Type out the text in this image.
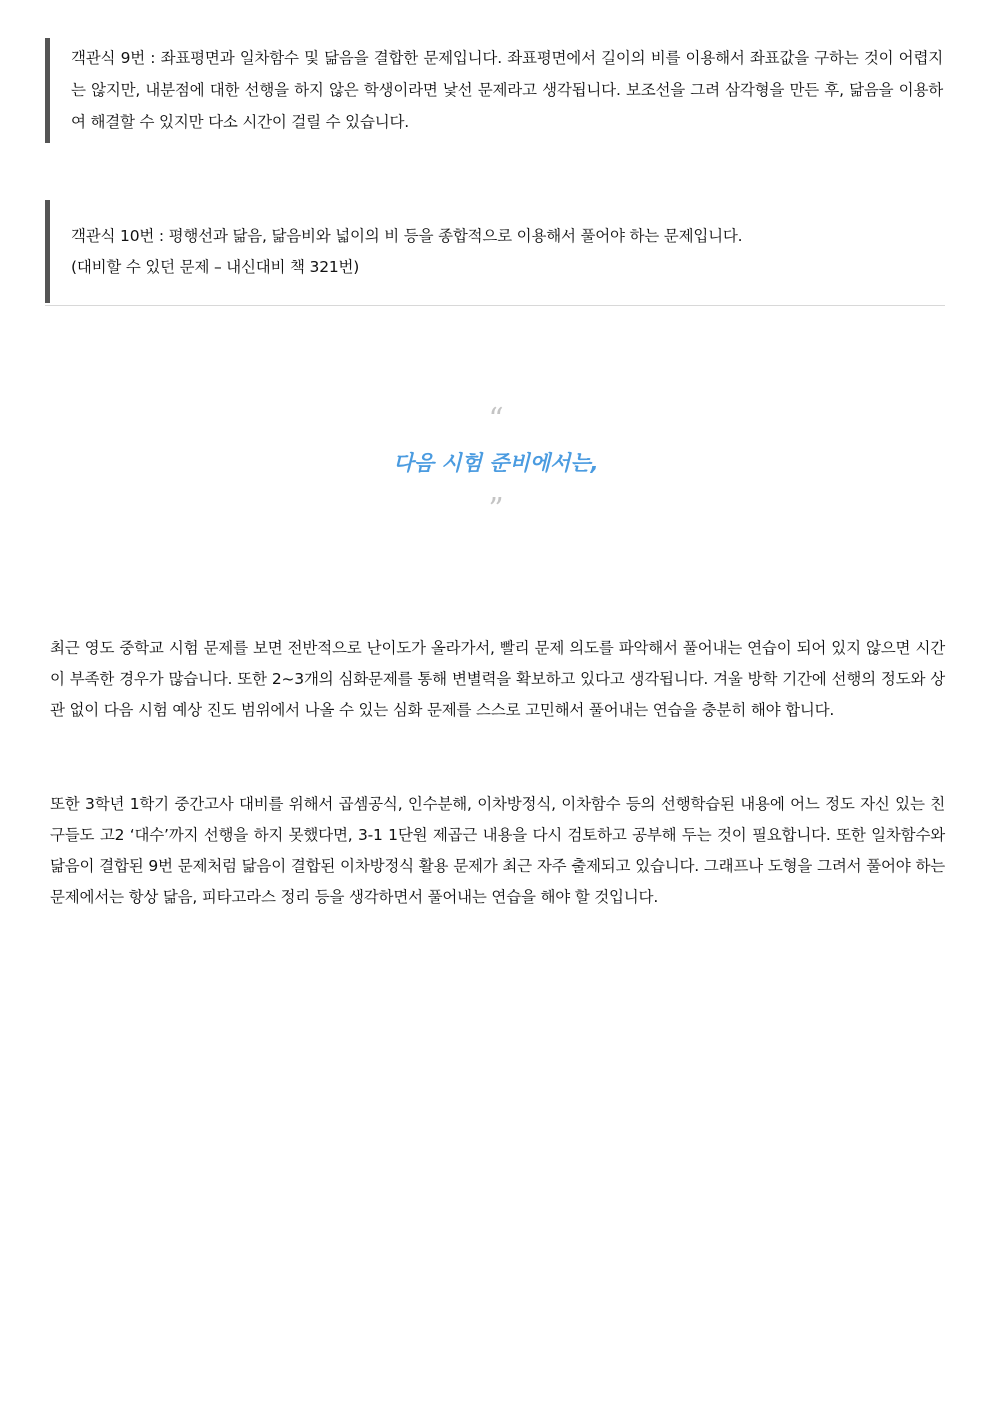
객관식 9번 : 좌표평면과 일차함수 및 닮음을 결합한 문제입니다. 좌표평면에서 길이의 비를 이용해서 좌표값을 구하는 것이 어렵지는 않지만, 내분점에 대한 선행을 하지 않은 학생이라면 낯선 문제라고 생각됩니다. 보조선을 그려 삼각형을 만든 후, 닮음을 이용하여 해결할 수 있지만 다소 시간이 걸릴 수 있습니다.
객관식 10번 : 평행선과 닮음, 닮음비와 넓이의 비 등을 종합적으로 이용해서 풀어야 하는 문제입니다.
(대비할 수 있던 문제 – 내신대비 책 321번)
“
다음 시험 준비에서는,
”

최근 영도 중학교 시험 문제를 보면 전반적으로 난이도가 올라가서, 빨리 문제 의도를 파악해서 풀어내는 연습이 되어 있지 않으면 시간이 부족한 경우가 많습니다. 또한 2~3개의 심화문제를 통해 변별력을 확보하고 있다고 생각됩니다. 겨울 방학 기간에 선행의 정도와 상관 없이 다음 시험 예상 진도 범위에서 나올 수 있는 심화 문제를 스스로 고민해서 풀어내는 연습을 충분히 해야 합니다.

또한 3학년 1학기 중간고사 대비를 위해서 곱셈공식, 인수분해, 이차방정식, 이차함수 등의 선행학습된 내용에 어느 정도 자신 있는 친구들도 고2 ‘대수’까지 선행을 하지 못했다면, 3-1 1단원 제곱근 내용을 다시 검토하고 공부해 두는 것이 필요합니다. 또한 일차함수와 닮음이 결합된 9번 문제처럼 닮음이 결합된 이차방정식 활용 문제가 최근 자주 출제되고 있습니다. 그래프나 도형을 그려서 풀어야 하는 문제에서는 항상 닮음, 피타고라스 정리 등을 생각하면서 풀어내는 연습을 해야 할 것입니다.
